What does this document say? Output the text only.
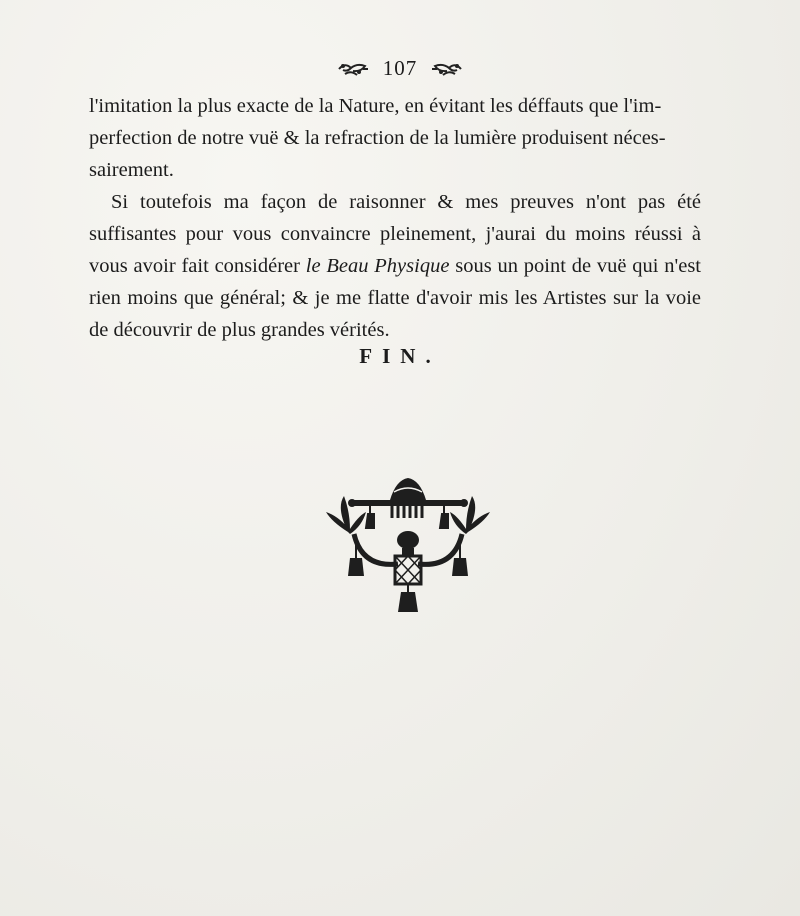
107

l'imitation la plus exacte de la Nature, en évitant les déffauts que l'im-
perfection de notre vuë & la refraction de la lumière produisent néces-
sairement.

Si toutefois ma façon de raisonner & mes preuves n'ont pas été suffisantes pour vous convaincre pleinement, j'aurai du moins réussi à vous avoir fait considérer le Beau Physique sous un point de vuë qui n'est rien moins que général; & je me flatte d'avoir mis les Artistes sur la voie de découvrir de plus grandes vérités.

FIN.
